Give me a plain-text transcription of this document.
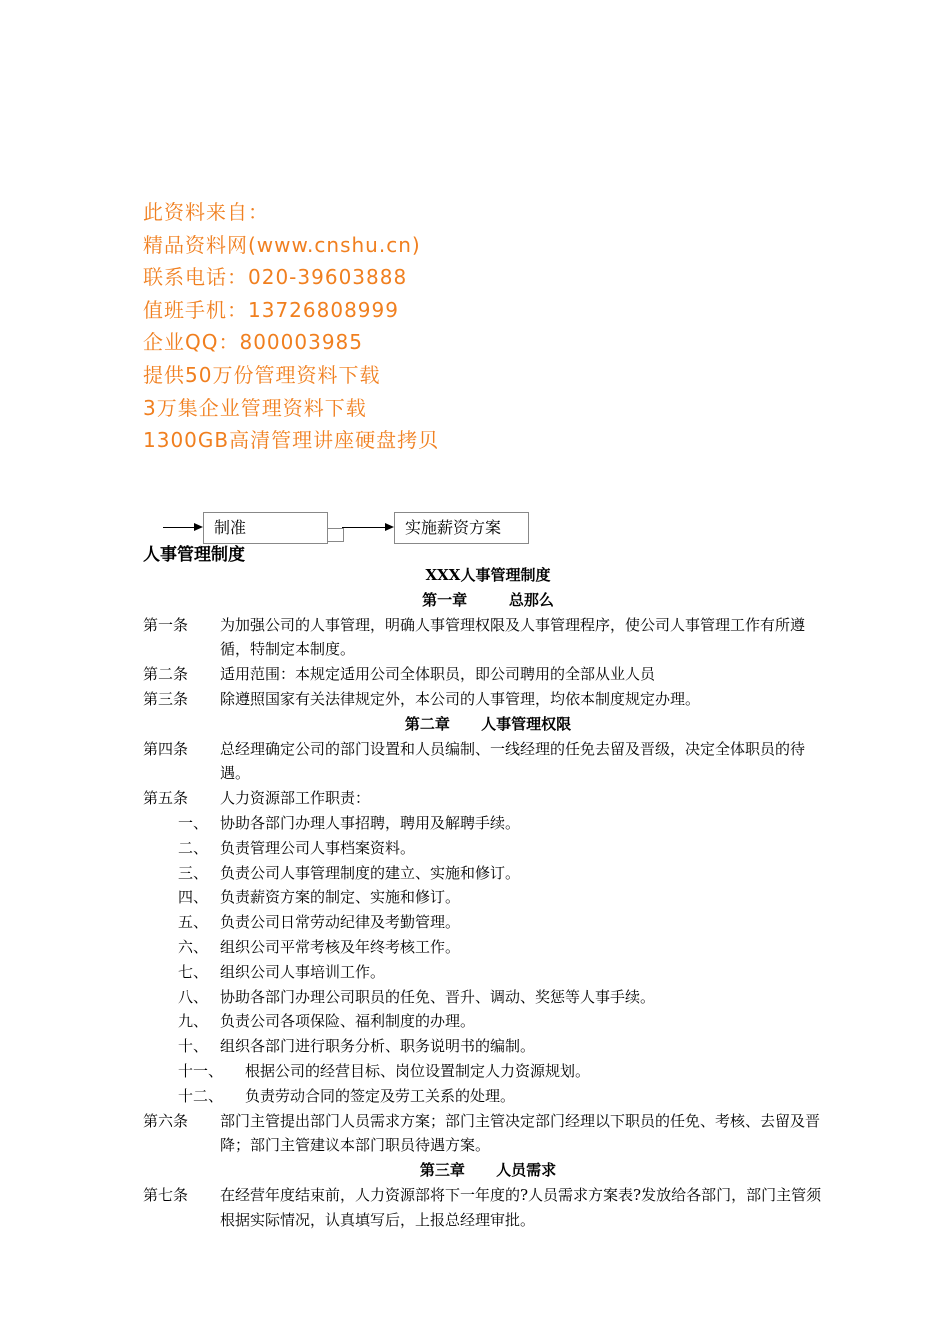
此资料来自：
精品资料网(www.cnshu.cn)
联系电话：020-39603888
值班手机：13726808999
企业QQ：800003985
提供50万份管理资料下载
3万集企业管理资料下载
1300GB高清管理讲座硬盘拷贝
制准	实施薪资方案
人事管理制度
XXX人事管理制度
第一章        总那么
第一条	为加强公司的人事管理，明确人事管理权限及人事管理程序，使公司人事管理工作有所遵循，特制定本制度。
第二条	适用范围：本规定适用公司全体职员，即公司聘用的全部从业人员
第三条	除遵照国家有关法律规定外，本公司的人事管理，均依本制度规定办理。
第二章      人事管理权限
第四条	总经理确定公司的部门设置和人员编制、一线经理的任免去留及晋级，决定全体职员的待遇。
第五条	人力资源部工作职责：
一、 协助各部门办理人事招聘，聘用及解聘手续。
二、 负责管理公司人事档案资料。
三、 负责公司人事管理制度的建立、实施和修订。
四、 负责薪资方案的制定、实施和修订。
五、 负责公司日常劳动纪律及考勤管理。
六、 组织公司平常考核及年终考核工作。
七、 组织公司人事培训工作。
八、 协助各部门办理公司职员的任免、晋升、调动、奖惩等人事手续。
九、 负责公司各项保险、福利制度的办理。
十、 组织各部门进行职务分析、职务说明书的编制。
十一、	根据公司的经营目标、岗位设置制定人力资源规划。
十二、	负责劳动合同的签定及劳工关系的处理。
第六条	部门主管提出部门人员需求方案；部门主管决定部门经理以下职员的任免、考核、去留及晋降；部门主管建议本部门职员待遇方案。
第三章      人员需求
第七条	在经营年度结束前，人力资源部将下一年度的?人员需求方案表?发放给各部门，部门主管须根据实际情况，认真填写后，上报总经理审批。
